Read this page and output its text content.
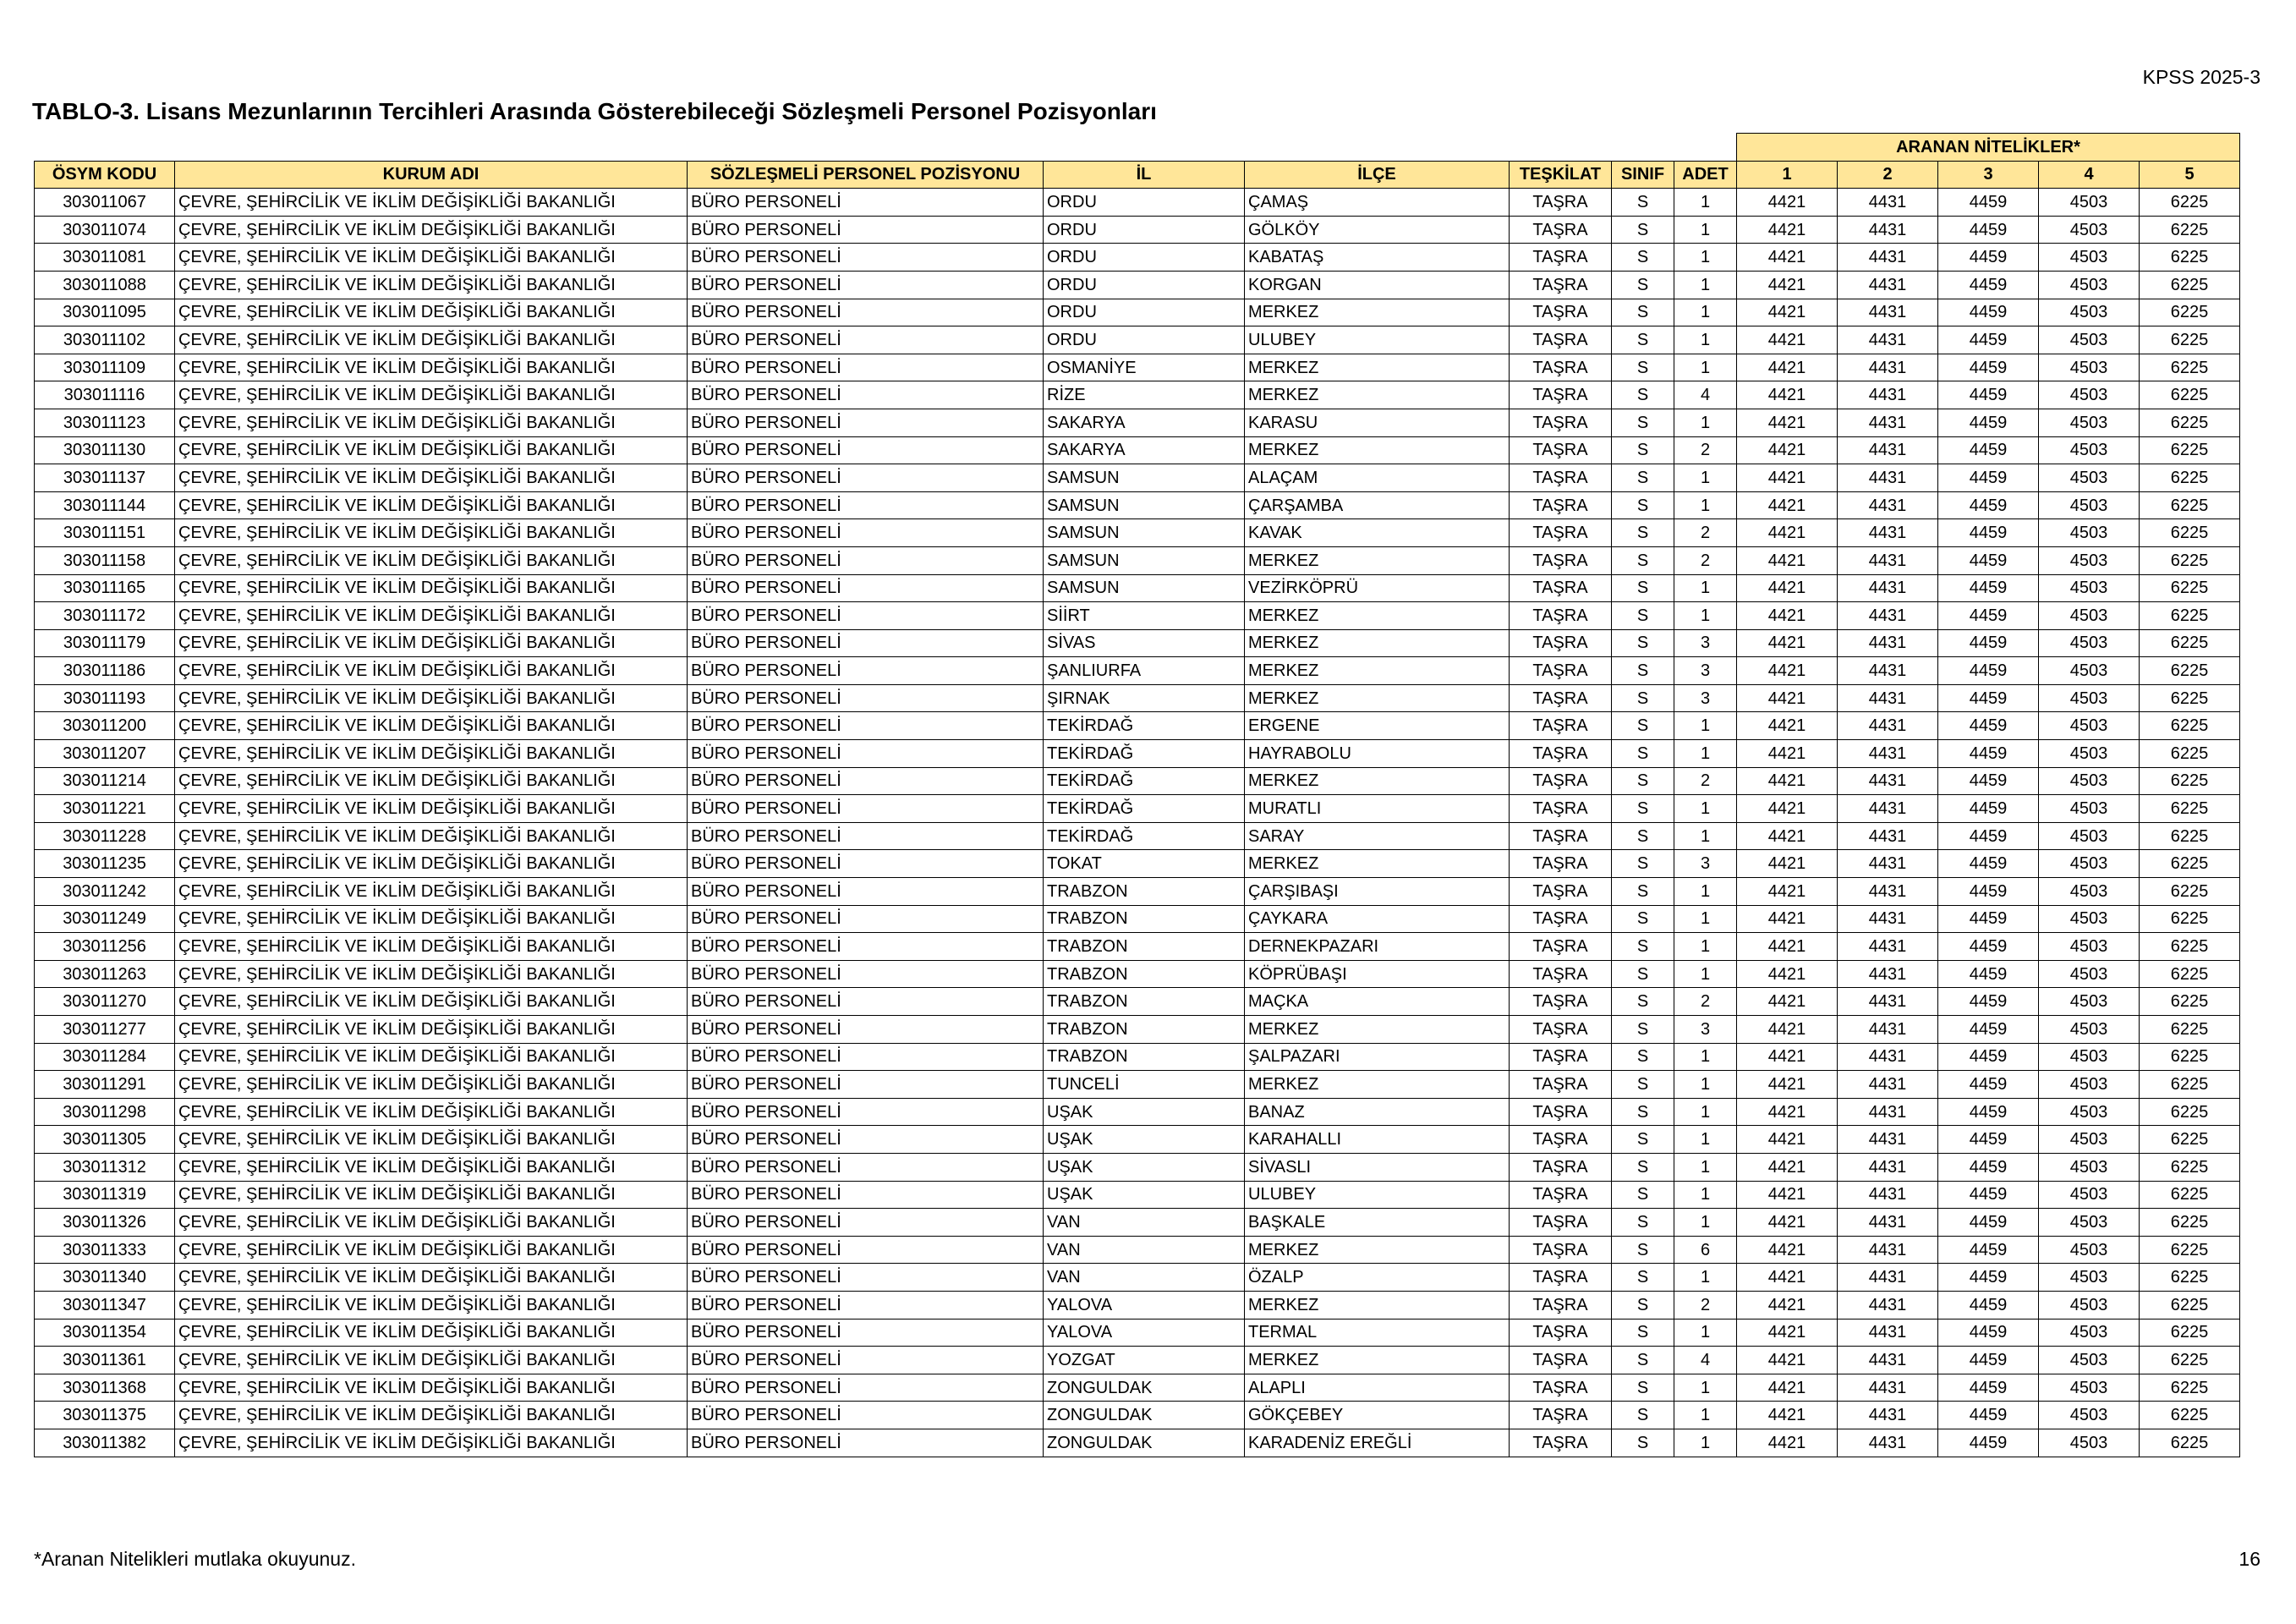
KPSS 2025-3
TABLO-3. Lisans Mezunlarının Tercihleri Arasında Gösterebileceği Sözleşmeli Personel Pozisyonları
								ARANAN NİTELİKLER*				
ÖSYM KODU	KURUM ADI	SÖZLEŞMELİ PERSONEL POZİSYONU	İL	İLÇE	TEŞKİLAT	SINIF	ADET	1	2	3	4	5
303011067	ÇEVRE, ŞEHİRCİLİK VE İKLİM DEĞİŞİKLİĞİ BAKANLIĞI	BÜRO PERSONELİ	ORDU	ÇAMAŞ	TAŞRA	S	1	4421	4431	4459	4503	6225
303011074	ÇEVRE, ŞEHİRCİLİK VE İKLİM DEĞİŞİKLİĞİ BAKANLIĞI	BÜRO PERSONELİ	ORDU	GÖLKÖY	TAŞRA	S	1	4421	4431	4459	4503	6225
303011081	ÇEVRE, ŞEHİRCİLİK VE İKLİM DEĞİŞİKLİĞİ BAKANLIĞI	BÜRO PERSONELİ	ORDU	KABATAŞ	TAŞRA	S	1	4421	4431	4459	4503	6225
303011088	ÇEVRE, ŞEHİRCİLİK VE İKLİM DEĞİŞİKLİĞİ BAKANLIĞI	BÜRO PERSONELİ	ORDU	KORGAN	TAŞRA	S	1	4421	4431	4459	4503	6225
303011095	ÇEVRE, ŞEHİRCİLİK VE İKLİM DEĞİŞİKLİĞİ BAKANLIĞI	BÜRO PERSONELİ	ORDU	MERKEZ	TAŞRA	S	1	4421	4431	4459	4503	6225
303011102	ÇEVRE, ŞEHİRCİLİK VE İKLİM DEĞİŞİKLİĞİ BAKANLIĞI	BÜRO PERSONELİ	ORDU	ULUBEY	TAŞRA	S	1	4421	4431	4459	4503	6225
303011109	ÇEVRE, ŞEHİRCİLİK VE İKLİM DEĞİŞİKLİĞİ BAKANLIĞI	BÜRO PERSONELİ	OSMANİYE	MERKEZ	TAŞRA	S	1	4421	4431	4459	4503	6225
303011116	ÇEVRE, ŞEHİRCİLİK VE İKLİM DEĞİŞİKLİĞİ BAKANLIĞI	BÜRO PERSONELİ	RİZE	MERKEZ	TAŞRA	S	4	4421	4431	4459	4503	6225
303011123	ÇEVRE, ŞEHİRCİLİK VE İKLİM DEĞİŞİKLİĞİ BAKANLIĞI	BÜRO PERSONELİ	SAKARYA	KARASU	TAŞRA	S	1	4421	4431	4459	4503	6225
303011130	ÇEVRE, ŞEHİRCİLİK VE İKLİM DEĞİŞİKLİĞİ BAKANLIĞI	BÜRO PERSONELİ	SAKARYA	MERKEZ	TAŞRA	S	2	4421	4431	4459	4503	6225
303011137	ÇEVRE, ŞEHİRCİLİK VE İKLİM DEĞİŞİKLİĞİ BAKANLIĞI	BÜRO PERSONELİ	SAMSUN	ALAÇAM	TAŞRA	S	1	4421	4431	4459	4503	6225
303011144	ÇEVRE, ŞEHİRCİLİK VE İKLİM DEĞİŞİKLİĞİ BAKANLIĞI	BÜRO PERSONELİ	SAMSUN	ÇARŞAMBA	TAŞRA	S	1	4421	4431	4459	4503	6225
303011151	ÇEVRE, ŞEHİRCİLİK VE İKLİM DEĞİŞİKLİĞİ BAKANLIĞI	BÜRO PERSONELİ	SAMSUN	KAVAK	TAŞRA	S	2	4421	4431	4459	4503	6225
303011158	ÇEVRE, ŞEHİRCİLİK VE İKLİM DEĞİŞİKLİĞİ BAKANLIĞI	BÜRO PERSONELİ	SAMSUN	MERKEZ	TAŞRA	S	2	4421	4431	4459	4503	6225
303011165	ÇEVRE, ŞEHİRCİLİK VE İKLİM DEĞİŞİKLİĞİ BAKANLIĞI	BÜRO PERSONELİ	SAMSUN	VEZİRKÖPRÜ	TAŞRA	S	1	4421	4431	4459	4503	6225
303011172	ÇEVRE, ŞEHİRCİLİK VE İKLİM DEĞİŞİKLİĞİ BAKANLIĞI	BÜRO PERSONELİ	SİİRT	MERKEZ	TAŞRA	S	1	4421	4431	4459	4503	6225
303011179	ÇEVRE, ŞEHİRCİLİK VE İKLİM DEĞİŞİKLİĞİ BAKANLIĞI	BÜRO PERSONELİ	SİVAS	MERKEZ	TAŞRA	S	3	4421	4431	4459	4503	6225
303011186	ÇEVRE, ŞEHİRCİLİK VE İKLİM DEĞİŞİKLİĞİ BAKANLIĞI	BÜRO PERSONELİ	ŞANLIURFA	MERKEZ	TAŞRA	S	3	4421	4431	4459	4503	6225
303011193	ÇEVRE, ŞEHİRCİLİK VE İKLİM DEĞİŞİKLİĞİ BAKANLIĞI	BÜRO PERSONELİ	ŞIRNAK	MERKEZ	TAŞRA	S	3	4421	4431	4459	4503	6225
303011200	ÇEVRE, ŞEHİRCİLİK VE İKLİM DEĞİŞİKLİĞİ BAKANLIĞI	BÜRO PERSONELİ	TEKİRDAĞ	ERGENE	TAŞRA	S	1	4421	4431	4459	4503	6225
303011207	ÇEVRE, ŞEHİRCİLİK VE İKLİM DEĞİŞİKLİĞİ BAKANLIĞI	BÜRO PERSONELİ	TEKİRDAĞ	HAYRABOLU	TAŞRA	S	1	4421	4431	4459	4503	6225
303011214	ÇEVRE, ŞEHİRCİLİK VE İKLİM DEĞİŞİKLİĞİ BAKANLIĞI	BÜRO PERSONELİ	TEKİRDAĞ	MERKEZ	TAŞRA	S	2	4421	4431	4459	4503	6225
303011221	ÇEVRE, ŞEHİRCİLİK VE İKLİM DEĞİŞİKLİĞİ BAKANLIĞI	BÜRO PERSONELİ	TEKİRDAĞ	MURATLI	TAŞRA	S	1	4421	4431	4459	4503	6225
303011228	ÇEVRE, ŞEHİRCİLİK VE İKLİM DEĞİŞİKLİĞİ BAKANLIĞI	BÜRO PERSONELİ	TEKİRDAĞ	SARAY	TAŞRA	S	1	4421	4431	4459	4503	6225
303011235	ÇEVRE, ŞEHİRCİLİK VE İKLİM DEĞİŞİKLİĞİ BAKANLIĞI	BÜRO PERSONELİ	TOKAT	MERKEZ	TAŞRA	S	3	4421	4431	4459	4503	6225
303011242	ÇEVRE, ŞEHİRCİLİK VE İKLİM DEĞİŞİKLİĞİ BAKANLIĞI	BÜRO PERSONELİ	TRABZON	ÇARŞIBAŞI	TAŞRA	S	1	4421	4431	4459	4503	6225
303011249	ÇEVRE, ŞEHİRCİLİK VE İKLİM DEĞİŞİKLİĞİ BAKANLIĞI	BÜRO PERSONELİ	TRABZON	ÇAYKARA	TAŞRA	S	1	4421	4431	4459	4503	6225
303011256	ÇEVRE, ŞEHİRCİLİK VE İKLİM DEĞİŞİKLİĞİ BAKANLIĞI	BÜRO PERSONELİ	TRABZON	DERNEKPAZARI	TAŞRA	S	1	4421	4431	4459	4503	6225
303011263	ÇEVRE, ŞEHİRCİLİK VE İKLİM DEĞİŞİKLİĞİ BAKANLIĞI	BÜRO PERSONELİ	TRABZON	KÖPRÜBAŞI	TAŞRA	S	1	4421	4431	4459	4503	6225
303011270	ÇEVRE, ŞEHİRCİLİK VE İKLİM DEĞİŞİKLİĞİ BAKANLIĞI	BÜRO PERSONELİ	TRABZON	MAÇKA	TAŞRA	S	2	4421	4431	4459	4503	6225
303011277	ÇEVRE, ŞEHİRCİLİK VE İKLİM DEĞİŞİKLİĞİ BAKANLIĞI	BÜRO PERSONELİ	TRABZON	MERKEZ	TAŞRA	S	3	4421	4431	4459	4503	6225
303011284	ÇEVRE, ŞEHİRCİLİK VE İKLİM DEĞİŞİKLİĞİ BAKANLIĞI	BÜRO PERSONELİ	TRABZON	ŞALPAZARI	TAŞRA	S	1	4421	4431	4459	4503	6225
303011291	ÇEVRE, ŞEHİRCİLİK VE İKLİM DEĞİŞİKLİĞİ BAKANLIĞI	BÜRO PERSONELİ	TUNCELİ	MERKEZ	TAŞRA	S	1	4421	4431	4459	4503	6225
303011298	ÇEVRE, ŞEHİRCİLİK VE İKLİM DEĞİŞİKLİĞİ BAKANLIĞI	BÜRO PERSONELİ	UŞAK	BANAZ	TAŞRA	S	1	4421	4431	4459	4503	6225
303011305	ÇEVRE, ŞEHİRCİLİK VE İKLİM DEĞİŞİKLİĞİ BAKANLIĞI	BÜRO PERSONELİ	UŞAK	KARAHALLI	TAŞRA	S	1	4421	4431	4459	4503	6225
303011312	ÇEVRE, ŞEHİRCİLİK VE İKLİM DEĞİŞİKLİĞİ BAKANLIĞI	BÜRO PERSONELİ	UŞAK	SİVASLI	TAŞRA	S	1	4421	4431	4459	4503	6225
303011319	ÇEVRE, ŞEHİRCİLİK VE İKLİM DEĞİŞİKLİĞİ BAKANLIĞI	BÜRO PERSONELİ	UŞAK	ULUBEY	TAŞRA	S	1	4421	4431	4459	4503	6225
303011326	ÇEVRE, ŞEHİRCİLİK VE İKLİM DEĞİŞİKLİĞİ BAKANLIĞI	BÜRO PERSONELİ	VAN	BAŞKALE	TAŞRA	S	1	4421	4431	4459	4503	6225
303011333	ÇEVRE, ŞEHİRCİLİK VE İKLİM DEĞİŞİKLİĞİ BAKANLIĞI	BÜRO PERSONELİ	VAN	MERKEZ	TAŞRA	S	6	4421	4431	4459	4503	6225
303011340	ÇEVRE, ŞEHİRCİLİK VE İKLİM DEĞİŞİKLİĞİ BAKANLIĞI	BÜRO PERSONELİ	VAN	ÖZALP	TAŞRA	S	1	4421	4431	4459	4503	6225
303011347	ÇEVRE, ŞEHİRCİLİK VE İKLİM DEĞİŞİKLİĞİ BAKANLIĞI	BÜRO PERSONELİ	YALOVA	MERKEZ	TAŞRA	S	2	4421	4431	4459	4503	6225
303011354	ÇEVRE, ŞEHİRCİLİK VE İKLİM DEĞİŞİKLİĞİ BAKANLIĞI	BÜRO PERSONELİ	YALOVA	TERMAL	TAŞRA	S	1	4421	4431	4459	4503	6225
303011361	ÇEVRE, ŞEHİRCİLİK VE İKLİM DEĞİŞİKLİĞİ BAKANLIĞI	BÜRO PERSONELİ	YOZGAT	MERKEZ	TAŞRA	S	4	4421	4431	4459	4503	6225
303011368	ÇEVRE, ŞEHİRCİLİK VE İKLİM DEĞİŞİKLİĞİ BAKANLIĞI	BÜRO PERSONELİ	ZONGULDAK	ALAPLI	TAŞRA	S	1	4421	4431	4459	4503	6225
303011375	ÇEVRE, ŞEHİRCİLİK VE İKLİM DEĞİŞİKLİĞİ BAKANLIĞI	BÜRO PERSONELİ	ZONGULDAK	GÖKÇEBEY	TAŞRA	S	1	4421	4431	4459	4503	6225
303011382	ÇEVRE, ŞEHİRCİLİK VE İKLİM DEĞİŞİKLİĞİ BAKANLIĞI	BÜRO PERSONELİ	ZONGULDAK	KARADENİZ EREĞLİ	TAŞRA	S	1	4421	4431	4459	4503	6225
*Aranan Nitelikleri mutlaka okuyunuz.	16
